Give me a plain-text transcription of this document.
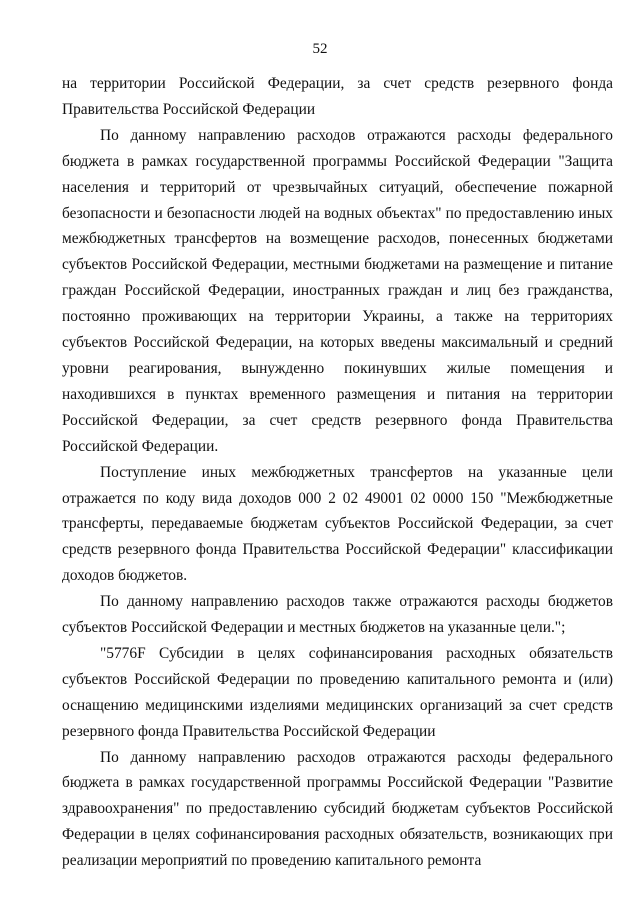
52

на территории Российской Федерации, за счет средств резервного фонда Правительства Российской Федерации

По данному направлению расходов отражаются расходы федерального бюджета в рамках государственной программы Российской Федерации "Защита населения и территорий от чрезвычайных ситуаций, обеспечение пожарной безопасности и безопасности людей на водных объектах" по предоставлению иных межбюджетных трансфертов на возмещение расходов, понесенных бюджетами субъектов Российской Федерации, местными бюджетами на размещение и питание граждан Российской Федерации, иностранных граждан и лиц без гражданства, постоянно проживающих на территории Украины, а также на территориях субъектов Российской Федерации, на которых введены максимальный и средний уровни реагирования, вынужденно покинувших жилые помещения и находившихся в пунктах временного размещения и питания на территории Российской Федерации, за счет средств резервного фонда Правительства Российской Федерации.

Поступление иных межбюджетных трансфертов на указанные цели отражается по коду вида доходов 000 2 02 49001 02 0000 150 "Межбюджетные трансферты, передаваемые бюджетам субъектов Российской Федерации, за счет средств резервного фонда Правительства Российской Федерации" классификации доходов бюджетов.

По данному направлению расходов также отражаются расходы бюджетов субъектов Российской Федерации и местных бюджетов на указанные цели.";

"5776F Субсидии в целях софинансирования расходных обязательств субъектов Российской Федерации по проведению капитального ремонта и (или) оснащению медицинскими изделиями медицинских организаций за счет средств резервного фонда Правительства Российской Федерации

По данному направлению расходов отражаются расходы федерального бюджета в рамках государственной программы Российской Федерации "Развитие здравоохранения" по предоставлению субсидий бюджетам субъектов Российской Федерации в целях софинансирования расходных обязательств, возникающих при реализации мероприятий по проведению капитального ремонта
